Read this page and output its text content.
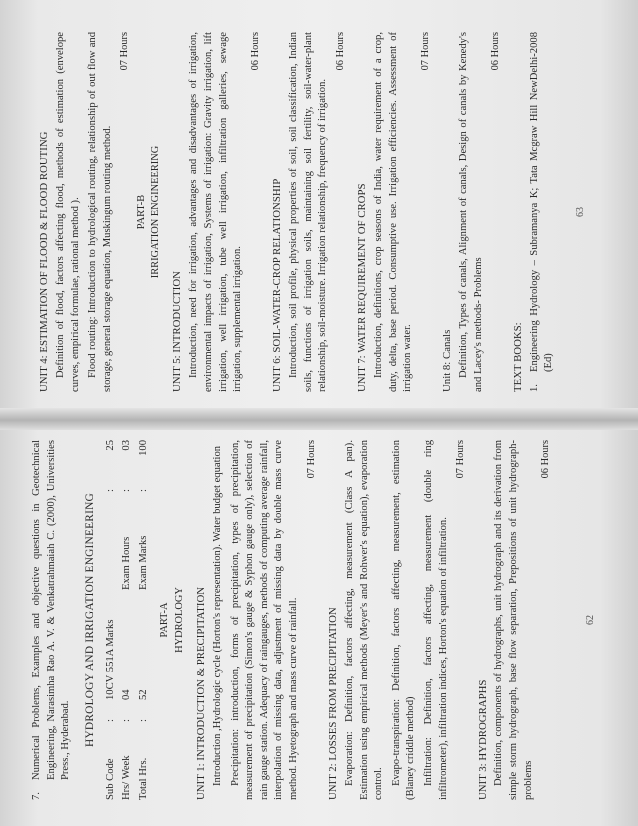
7.

Numerical Problems, Examples and objective questions in Geotechnical Engineering, Narasimha Rao A. V. & Venkatrahmaiah C. (2000), Universities Press., Hyderabad. HYDROLOGY AND IRRIGATION ENGINEERING
Sub Code	:	10CV 551A Marks		:	25
Hrs/ Week	:	04	Exam Hours	:	03
Total Hrs.	:	52	Exam Marks	:	100
PART-A HYDROLOGY UNIT 1: INTRODUCTION & PRECIPITATION Introduction ,Hydrologic cycle (Horton's representation). Water budget equation Precipitation: introduction, forms of precipitation, types of precipitation, measurement of precipitation (Simon's gauge & Syphon gauge only), selection of rain gauge station. Adequacy of raingauges, methods of computing average rainfall, interpolation of missing data, adjustment of missing data by double mass curve method. Hyetograph and mass curve of rainfall.

07 Hours
UNIT 2: LOSSES FROM PRECIPITATION Evaporation: Definition, factors affecting, measurement (Class A pan). Estimation using empirical methods (Meyer's and Rohwer's equation), evaporation control. Evapo-transpiration: Definition, factors affecting, measurement, estimation (Blaney criddle method) Infiltration: Definition, factors affecting, measurement (double ring infiltrometer), infiltration indices, Horton's equation of infiltration.

07 Hours
UNIT 3: HYDROGRAPHS Definition, components of hydrographs, unit hydrograph and its derivation from simple storm hydrograph, base flow separation, Prepositions of unit hydrograph- problems

06 Hours
62
UNIT 4: ESTIMATION OF FLOOD & FLOOD ROUTING Definition of flood, factors affecting flood, methods of estimation (envelope curves, empirical formulae, rational method ). Flood routing: Introduction to hydrological routing, relationship of out flow and storage, general storage equation, Muskingum routing method.

07 Hours
PART-B IRRIGATION ENGINEERING
UNIT 5: INTRODUCTION Introduction, need for irrigation, advantages and disadvantages of irrigation, environmental impacts of irrigation, Systems of irrigation: Gravity irrigation, lift irrigation, well irrigation, tube well irrigation, infiltration galleries, sewage irrigation, supplemental irrigation.

06 Hours
UNIT 6: SOIL-WATER-CROP RELATIONSHIP Introduction, soil profile, physical properties of soil, soil classification, Indian soils, functions of irrigation soils, maintaining soil fertility, soil-water-plant relationship, soil-moisture. Irrigation relationship, frequency of irrigation.

06 Hours
UNIT 7: WATER REQUIREMENT OF CROPS Introduction, definitions, crop seasons of India, water requirement of a crop, duty, delta, base period. Consumptive use. Irrigation efficiencies. Assessment of irrigation water.

07 Hours
Unit 8: Canals Definition, Types of canals, Alignment of canals, Design of canals by Kenedy's and Lacey's methods- Problems

06 Hours
TEXT BOOKS: 1.

Engineering Hydrology – Subramanya K; Tata Mcgraw Hill NewDelhi-2008 (Ed)

63
